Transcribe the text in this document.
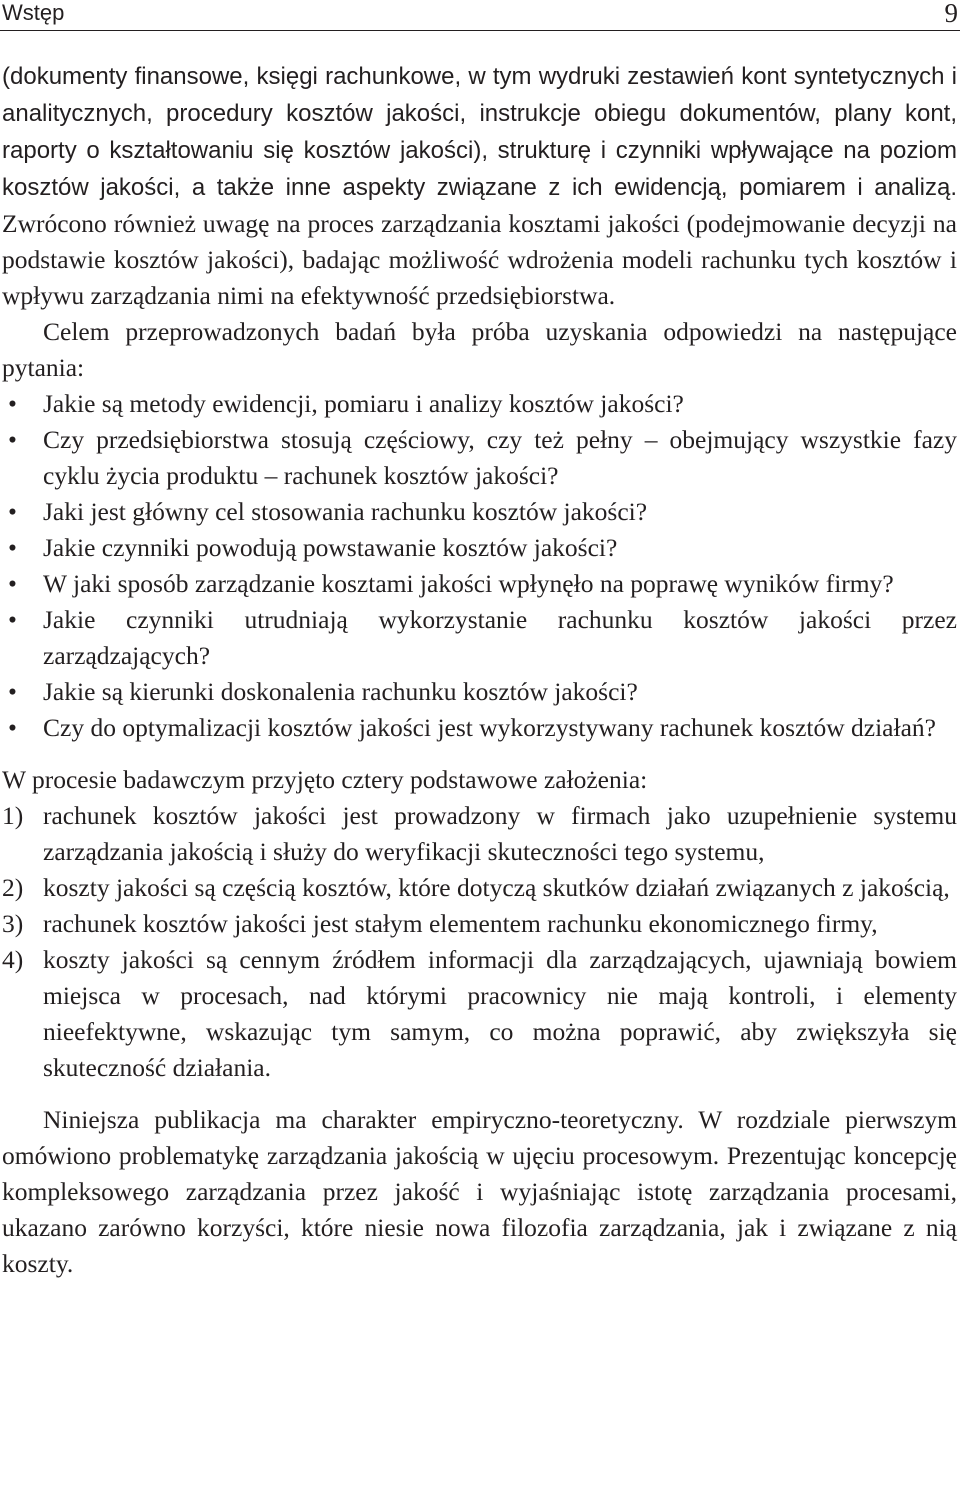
Wstęp	9

(dokumenty finansowe, księgi rachunkowe, w tym wydruki zestawień kont syntetycznych i analitycznych, procedury kosztów jakości, instrukcje obiegu dokumentów, plany kont, raporty o kształtowaniu się kosztów jakości), strukturę i czynniki wpływające na poziom kosztów jakości, a także inne aspekty związane z ich ewidencją, pomiarem i analizą. Zwrócono również uwagę na proces zarządzania kosztami jakości (podejmowanie decyzji na podstawie kosztów jakości), badając możliwość wdrożenia modeli rachunku tych kosztów i wpływu zarządzania nimi na efektywność przedsiębiorstwa.

Celem przeprowadzonych badań była próba uzyskania odpowiedzi na następujące pytania:

• Jakie są metody ewidencji, pomiaru i analizy kosztów jakości?
• Czy przedsiębiorstwa stosują częściowy, czy też pełny – obejmujący wszystkie fazy cyklu życia produktu – rachunek kosztów jakości?
• Jaki jest główny cel stosowania rachunku kosztów jakości?
• Jakie czynniki powodują powstawanie kosztów jakości?
• W jaki sposób zarządzanie kosztami jakości wpłynęło na poprawę wyników firmy?
• Jakie czynniki utrudniają wykorzystanie rachunku kosztów jakości przez zarządzających?
• Jakie są kierunki doskonalenia rachunku kosztów jakości?
• Czy do optymalizacji kosztów jakości jest wykorzystywany rachunek kosztów działań?

W procesie badawczym przyjęto cztery podstawowe założenia:

1) rachunek kosztów jakości jest prowadzony w firmach jako uzupełnienie systemu zarządzania jakością i służy do weryfikacji skuteczności tego systemu,
2) koszty jakości są częścią kosztów, które dotyczą skutków działań związanych z jakością,
3) rachunek kosztów jakości jest stałym elementem rachunku ekonomicznego firmy,
4) koszty jakości są cennym źródłem informacji dla zarządzających, ujawniają bowiem miejsca w procesach, nad którymi pracownicy nie mają kontroli, i elementy nieefektywne, wskazując tym samym, co można poprawić, aby zwiększyła się skuteczność działania.

Niniejsza publikacja ma charakter empiryczno-teoretyczny. W rozdziale pierwszym omówiono problematykę zarządzania jakością w ujęciu procesowym. Prezentując koncepcję kompleksowego zarządzania przez jakość i wyjaśniając istotę zarządzania procesami, ukazano zarówno korzyści, które niesie nowa filozofia zarządzania, jak i związane z nią koszty.
